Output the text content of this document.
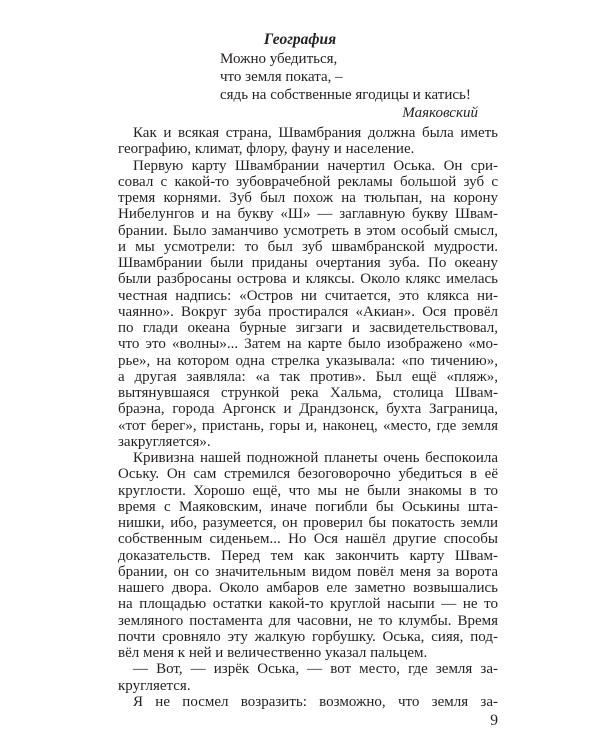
География
Можно убедиться,
что земля поката, –
сядь на собственные ягодицы и катись!
Маяковский
Как и всякая страна, Швамбрания должна была иметь
географию, климат, флору, фауну и население.
Первую карту Швамбрании начертил Оська. Он сри-
совал с какой-то зубоврачебной рекламы большой зуб с
тремя корнями. Зуб был похож на тюльпан, на корону
Нибелунгов и на букву «Ш» — заглавную букву Швам-
брании. Было заманчиво усмотреть в этом особый смысл,
и мы усмотрели: то был зуб швамбранской мудрости.
Швамбрании были приданы очертания зуба. По океану
были разбросаны острова и кляксы. Около клякс имелась
честная надпись: «Остров ни считается, это клякса ни-
чаянно». Вокруг зуба простирался «Акиан». Ося провёл
по глади океана бурные зигзаги и засвидетельствовал,
что это «волны»... Затем на карте было изображено «мо-
рье», на котором одна стрелка указывала: «по тичению»,
а другая заявляла: «а так против». Был ещё «пляж»,
вытянувшаяся стрункой река Хальма, столица Швам-
браэна, города Аргонск и Драндзонск, бухта Заграница,
«тот берег», пристань, горы и, наконец, «место, где земля
закругляется».
Кривизна нашей подножной планеты очень беспокоила
Оську. Он сам стремился безоговорочно убедиться в её
круглости. Хорошо ещё, что мы не были знакомы в то
время с Маяковским, иначе погибли бы Оськины шта-
нишки, ибо, разумеется, он проверил бы покатость земли
собственным сиденьем... Но Ося нашёл другие способы
доказательств. Перед тем как закончить карту Швам-
брании, он со значительным видом повёл меня за ворота
нашего двора. Около амбаров еле заметно возвышались
на площадью остатки какой-то круглой насыпи — не то
земляного постамента для часовни, не то клумбы. Время
почти сровняло эту жалкую горбушку. Оська, сияя, под-
вёл меня к ней и величественно указал пальцем.
— Вот, — изрёк Оська, — вот место, где земля за-
кругляется.
Я не посмел возразить: возможно, что земля за-
9
